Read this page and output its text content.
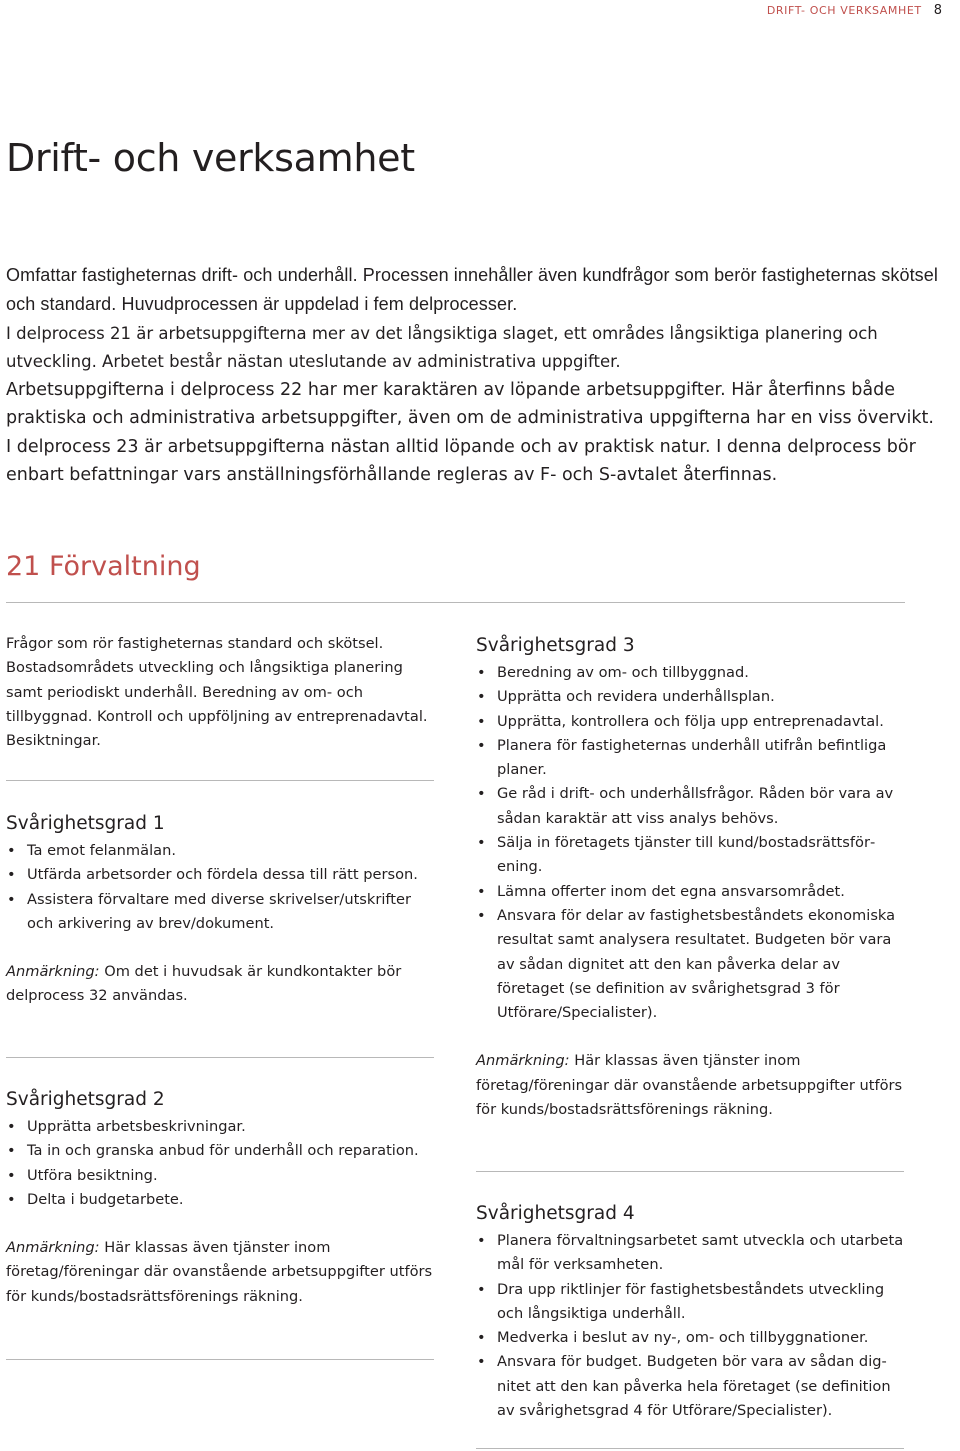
DRIFT- OCH VERKSAMHET 8
Drift- och verksamhet

Omfattar fastigheternas drift- och underhåll. Processen innehåller även kundfrågor som berör fastigheternas skötsel och standard. Huvudprocessen är uppdelad i fem delprocesser.

I delprocess 21 är arbetsuppgifterna mer av det långsiktiga slaget, ett områdes långsiktiga planering och utveckling. Arbetet består nästan uteslutande av administrativa uppgifter.

Arbetsuppgifterna i delprocess 22 har mer karaktären av löpande arbetsuppgifter. Här återfinns både praktiska och administrativa arbetsuppgifter, även om de administrativa uppgifterna har en viss övervikt.

I delprocess 23 är arbetsuppgifterna nästan alltid löpande och av praktisk natur. I denna delprocess bör enbart befattningar vars anställningsförhållande regleras av F- och S-avtalet återfinnas.

21 Förvaltning

Frågor som rör fastigheternas standard och skötsel. Bostadsområdets utveckling och långsiktiga planering samt periodiskt underhåll. Beredning av om- och tillbyggnad. Kontroll och uppföljning av entreprenadavtal. Besiktningar.

Svårighetsgrad 1
• Ta emot felanmälan.
• Utfärda arbetsorder och fördela dessa till rätt person.
• Assistera förvaltare med diverse skrivelser/utskrifter och arkivering av brev/dokument.

Anmärkning: Om det i huvudsak är kundkontakter bör delprocess 32 användas.

Svårighetsgrad 2
• Upprätta arbetsbeskrivningar.
• Ta in och granska anbud för underhåll och reparation.
• Utföra besiktning.
• Delta i budgetarbete.

Anmärkning: Här klassas även tjänster inom företag/föreningar där ovanstående arbetsuppgifter utförs för kunds/bostadsrättsförenings räkning.

Svårighetsgrad 3
• Beredning av om- och tillbyggnad.
• Upprätta och revidera underhållsplan.
• Upprätta, kontrollera och följa upp entreprenadavtal.
• Planera för fastigheternas underhåll utifrån befintliga planer.
• Ge råd i drift- och underhållsfrågor. Råden bör vara av sådan karaktär att viss analys behövs.
• Sälja in företagets tjänster till kund/bostadsrättsförening.
• Lämna offerter inom det egna ansvarsområdet.
• Ansvara för delar av fastighetsbeståndets ekonomiska resultat samt analysera resultatet. Budgeten bör vara av sådan dignitet att den kan påverka delar av företaget (se definition av svårighetsgrad 3 för Utförare/Specialister).

Anmärkning: Här klassas även tjänster inom företag/föreningar där ovanstående arbetsuppgifter utförs för kunds/bostadsrättsförenings räkning.

Svårighetsgrad 4
• Planera förvaltningsarbetet samt utveckla och utarbeta mål för verksamheten.
• Dra upp riktlinjer för fastighetsbeståndets utveckling och långsiktiga underhåll.
• Medverka i beslut av ny-, om- och tillbyggnationer.
• Ansvara för budget. Budgeten bör vara av sådan dignitet att den kan påverka hela företaget (se definition av svårighetsgrad 4 för Utförare/Specialister).
